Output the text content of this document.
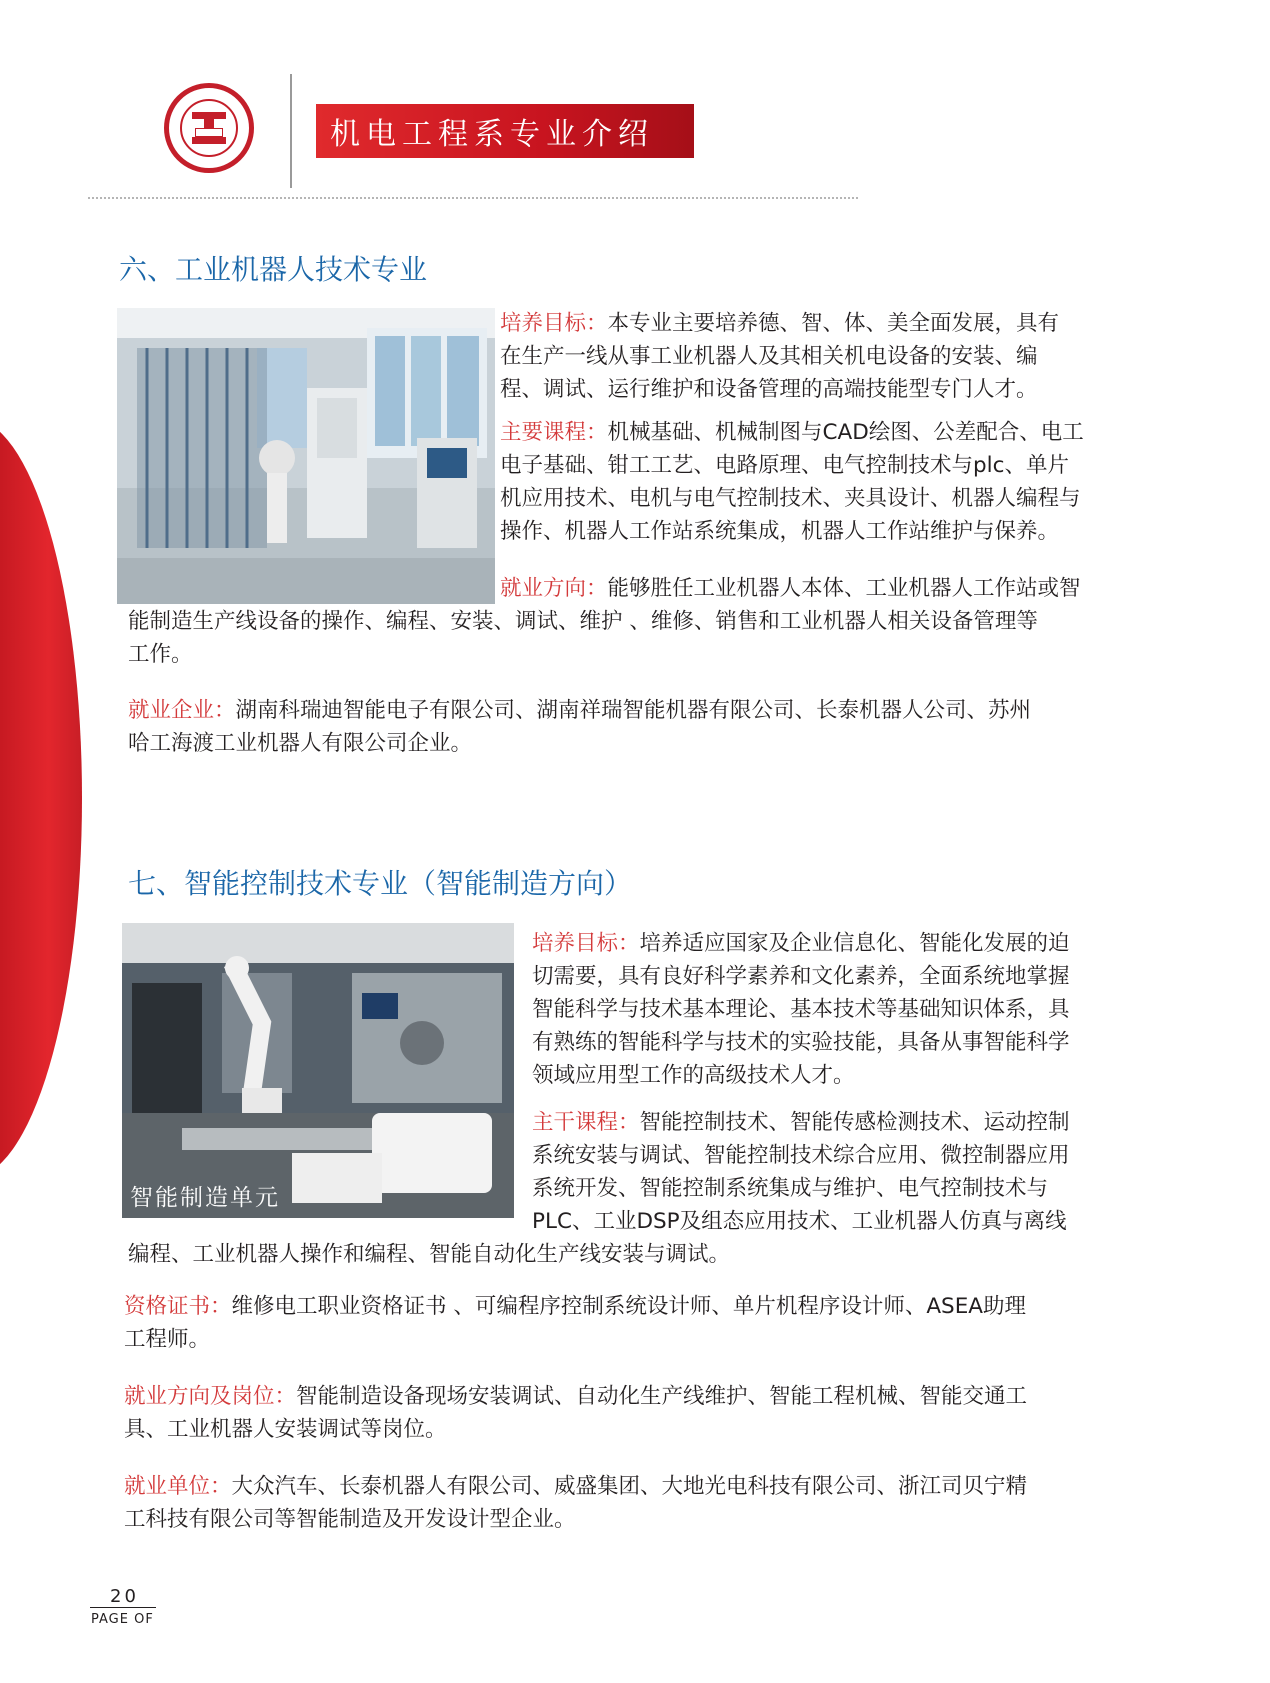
机电工程系专业介绍
六、工业机器人技术专业
培养目标：本专业主要培养德、智、体、美全面发展，具有
在生产一线从事工业机器人及其相关机电设备的安装、编
程、调试、运行维护和设备管理的高端技能型专门人才。
主要课程：机械基础、机械制图与CAD绘图、公差配合、电工
电子基础、钳工工艺、电路原理、电气控制技术与plc、单片
机应用技术、电机与电气控制技术、夹具设计、机器人编程与
操作、机器人工作站系统集成，机器人工作站维护与保养。
就业方向：能够胜任工业机器人本体、工业机器人工作站或智
能制造生产线设备的操作、编程、安装、调试、维护 、维修、销售和工业机器人相关设备管理等
工作。
就业企业：湖南科瑞迪智能电子有限公司、湖南祥瑞智能机器有限公司、长泰机器人公司、苏州
哈工海渡工业机器人有限公司企业。
七、智能控制技术专业（智能制造方向）
智能制造单元
培养目标：培养适应国家及企业信息化、智能化发展的迫
切需要，具有良好科学素养和文化素养，全面系统地掌握
智能科学与技术基本理论、基本技术等基础知识体系，具
有熟练的智能科学与技术的实验技能，具备从事智能科学
领域应用型工作的高级技术人才。
主干课程：智能控制技术、智能传感检测技术、运动控制
系统安装与调试、智能控制技术综合应用、微控制器应用
系统开发、智能控制系统集成与维护、电气控制技术与
PLC、工业DSP及组态应用技术、工业机器人仿真与离线
编程、工业机器人操作和编程、智能自动化生产线安装与调试。
资格证书：维修电工职业资格证书 、可编程序控制系统设计师、单片机程序设计师、ASEA助理
工程师。
就业方向及岗位：智能制造设备现场安装调试、自动化生产线维护、智能工程机械、智能交通工
具、工业机器人安装调试等岗位。
就业单位：大众汽车、长泰机器人有限公司、威盛集团、大地光电科技有限公司、浙江司贝宁精
工科技有限公司等智能制造及开发设计型企业。
20
PAGE OF
